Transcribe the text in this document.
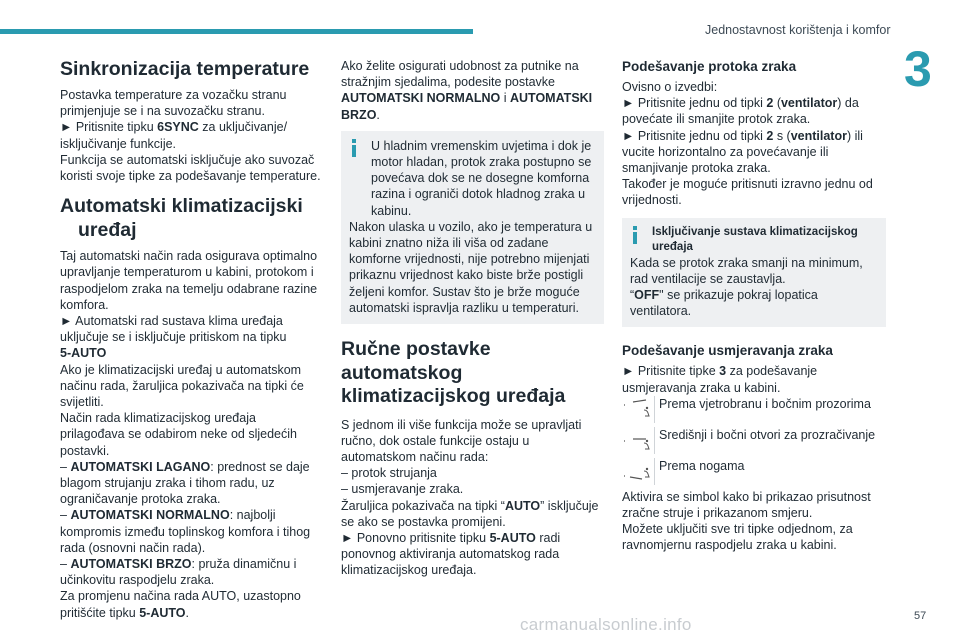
Jednostavnost korištenja i komfor
3
57
carmanualsonline.info
Sinkronizacija temperature

Postavka temperature za vozačku stranu primjenjuje se i na suvozačku stranu.

► Pritisnite tipku 6SYNC za uključivanje/ isključivanje funkcije.

Funkcija se automatski isključuje ako suvozač koristi svoje tipke za podešavanje temperature.

Automatski klimatizacijski
uređaj

Taj automatski način rada osigurava optimalno upravljanje temperaturom u kabini, protokom i raspodjelom zraka na temelju odabrane razine komfora.

► Automatski rad sustava klima uređaja uključuje se i isključuje pritiskom na tipku
5-AUTO

Ako je klimatizacijski uređaj u automatskom načinu rada, žaruljica pokazivača na tipki će svijetliti.

Način rada klimatizacijskog uređaja prilagođava se odabirom neke od sljedećih postavki.

– AUTOMATSKI LAGANO: prednost se daje blagom strujanju zraka i tihom radu, uz ograničavanje protoka zraka.

– AUTOMATSKI NORMALNO: najbolji kompromis između toplinskog komfora i tihog rada (osnovni način rada).

– AUTOMATSKI BRZO: pruža dinamičnu i učinkovitu raspodjelu zraka.

Za promjenu načina rada AUTO, uzastopno pritišćite tipku 5-AUTO.

Ako želite osigurati udobnost za putnike na stražnjim sjedalima, podesite postavke AUTOMATSKI NORMALNO i AUTOMATSKI BRZO.

U hladnim vremenskim uvjetima i dok je motor hladan, protok zraka postupno se povećava dok se ne dosegne komforna razina i ograniči dotok hladnog zraka u kabinu.

Nakon ulaska u vozilo, ako je temperatura u kabini znatno niža ili viša od zadane komforne vrijednosti, nije potrebno mijenjati prikaznu vrijednost kako biste brže postigli željeni komfor. Sustav što je brže moguće automatski ispravlja razliku u temperaturi.

Ručne postavke automatskog klimatizacijskog uređaja

S jednom ili više funkcija može se upravljati ručno, dok ostale funkcije ostaju u automatskom načinu rada:

– protok strujanja

– usmjeravanje zraka.

Žaruljica pokazivača na tipki “AUTO” isključuje se ako se postavka promijeni.

► Ponovno pritisnite tipku 5-AUTO radi ponovnog aktiviranja automatskog rada klimatizacijskog uređaja.

Podešavanje protoka zraka

Ovisno o izvedbi:

► Pritisnite jednu od tipki 2 (ventilator) da povećate ili smanjite protok zraka.

► Pritisnite jednu od tipki 2 s (ventilator) ili vucite horizontalno za povećavanje ili smanjivanje protoka zraka.

Također je moguće pritisnuti izravno jednu od vrijednosti.

Isključivanje sustava klimatizacijskog uređaja

Kada se protok zraka smanji na minimum, rad ventilacije se zaustavlja.

“OFF" se prikazuje pokraj lopatica ventilatora.

Podešavanje usmjeravanja zraka

► Pritisnite tipke 3 za podešavanje usmjeravanja zraka u kabini.

Prema vjetrobranu i bočnim prozorima
Središnji i bočni otvori za prozračivanje
Prema nogama

Aktivira se simbol kako bi prikazao prisutnost zračne struje i prikazanom smjeru.

Možete uključiti sve tri tipke odjednom, za ravnomjernu raspodjelu zraka u kabini.
